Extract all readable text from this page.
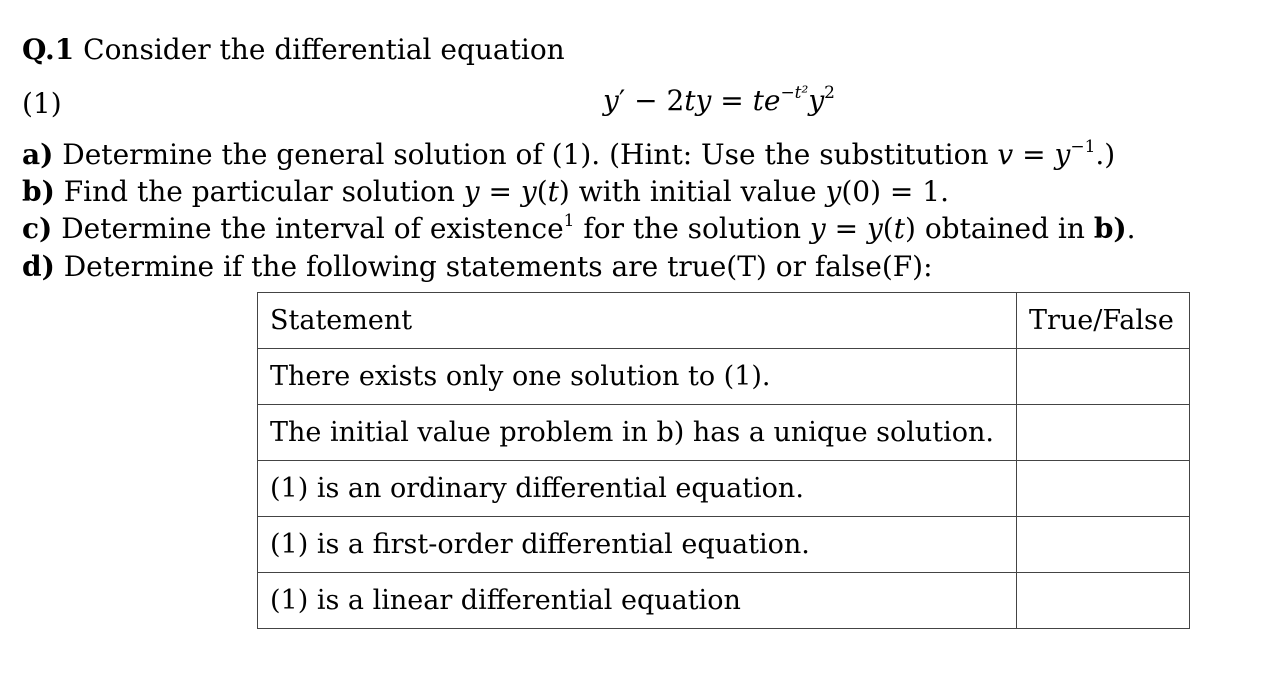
Q.1 Consider the differential equation
(1)	$y' - 2ty = te^{-t^2}y^2$
a) Determine the general solution of (1). (Hint: Use the substitution $v = y^{-1}$.)
b) Find the particular solution y = y(t) with initial value y(0) = 1.
c) Determine the interval of existence$^1$ for the solution y = y(t) obtained in b).
d) Determine if the following statements are true(T) or false(F):
Statement	True/False
There exists only one solution to (1).	
The initial value problem in b) has a unique solution.	
(1) is an ordinary differential equation.	
(1) is a first-order differential equation.	
(1) is a linear differential equation	
